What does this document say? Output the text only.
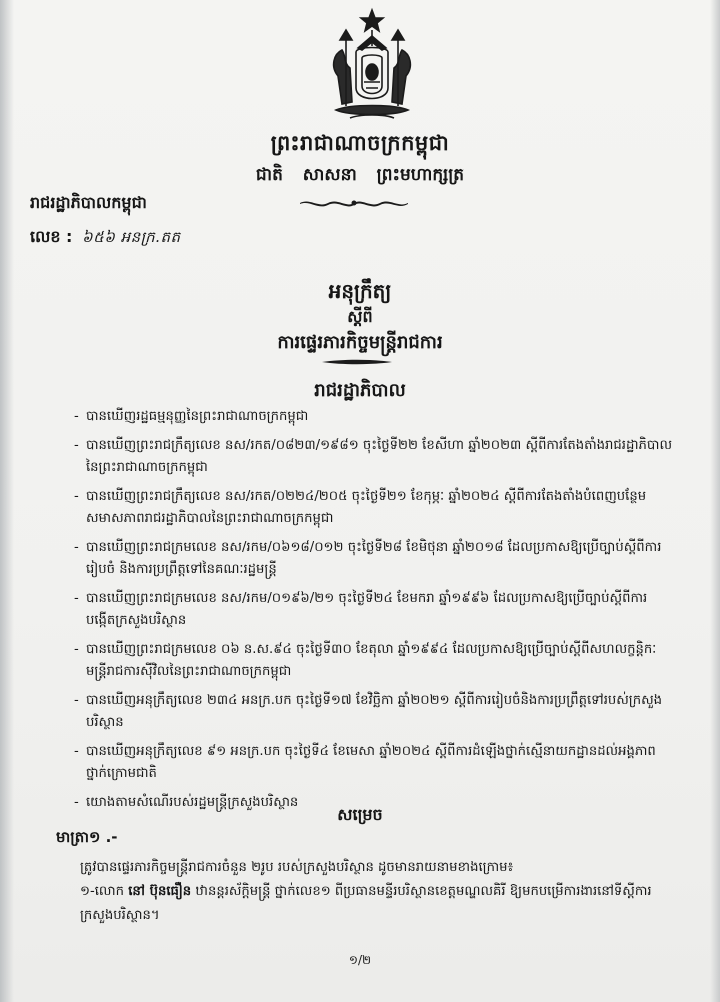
ព្រះរាជាណាចក្រកម្ពុជា
ជាតិ សាសនា ព្រះមហាក្សត្រ
រាជរដ្ឋាភិបាលកម្ពុជា
លេខ : ៦៥៦ អនក្រ.តត
អនុក្រឹត្យ
ស្តីពី
ការផ្ទេរភារកិច្ចមន្ត្រីរាជការ
រាជរដ្ឋាភិបាល
- បានឃើញរដ្ឋធម្មនុញ្ញនៃព្រះរាជាណាចក្រកម្ពុជា
- បានឃើញព្រះរាជក្រឹត្យលេខ នស/រកត/០៨២៣/១៩៨១ ចុះថ្ងៃទី២២ ខែសីហា ឆ្នាំ២០២៣ ស្តីពីការតែងតាំងរាជរដ្ឋាភិបាលនៃព្រះរាជាណាចក្រកម្ពុជា
- បានឃើញព្រះរាជក្រឹត្យលេខ នស/រកត/០២២៤/២០៥ ចុះថ្ងៃទី២១ ខែកុម្ភៈ ឆ្នាំ២០២៤ ស្តីពីការតែងតាំងបំពេញបន្ថែមសមាសភាពរាជរដ្ឋាភិបាលនៃព្រះរាជាណាចក្រកម្ពុជា
- បានឃើញព្រះរាជក្រមលេខ នស/រកម/០៦១៨/០១២ ចុះថ្ងៃទី២៨ ខែមិថុនា ឆ្នាំ២០១៨ ដែលប្រកាសឱ្យប្រើច្បាប់ស្តីពីការរៀបចំ និងការប្រព្រឹត្តទៅនៃគណៈរដ្ឋមន្ត្រី
- បានឃើញព្រះរាជក្រមលេខ នស/រកម/០១៩៦/២១ ចុះថ្ងៃទី២៤ ខែមករា ឆ្នាំ១៩៩៦ ដែលប្រកាសឱ្យប្រើច្បាប់ស្តីពីការបង្កើតក្រសួងបរិស្ថាន
- បានឃើញព្រះរាជក្រមលេខ ០៦ ន.ស.៩៤ ចុះថ្ងៃទី៣០ ខែតុលា ឆ្នាំ១៩៩៤ ដែលប្រកាសឱ្យប្រើច្បាប់ស្តីពីសហលក្ខន្តិកៈមន្ត្រីរាជការស៊ីវិលនៃព្រះរាជាណាចក្រកម្ពុជា
- បានឃើញអនុក្រឹត្យលេខ ២៣៤ អនក្រ.បក ចុះថ្ងៃទី១៧ ខែវិច្ឆិកា ឆ្នាំ២០២១ ស្តីពីការរៀបចំនិងការប្រព្រឹត្តទៅរបស់ក្រសួងបរិស្ថាន
- បានឃើញអនុក្រឹត្យលេខ ៩១ អនក្រ.បក ចុះថ្ងៃទី៤ ខែមេសា ឆ្នាំ២០២៤ ស្តីពីការដំឡើងថ្នាក់ស្មើនាយកដ្ឋានដល់អង្គភាពថ្នាក់ក្រោមជាតិ
- យោងតាមសំណើរបស់រដ្ឋមន្ត្រីក្រសួងបរិស្ថាន
សម្រេច
មាត្រា១ .-
ត្រូវបានផ្ទេរភារកិច្ចមន្ត្រីរាជការចំនួន ២រូប របស់ក្រសួងបរិស្ថាន ដូចមានរាយនាមខាងក្រោម៖
១-លោក នៅ ប៊ុនធឿន ឋានន្តរស័ក្តិមន្ត្រី ថ្នាក់លេខ១ ពីប្រធានមន្ទីរបរិស្ថានខេត្តមណ្ឌលគិរី ឱ្យមកបម្រើការងារនៅទីស្តីការក្រសួងបរិស្ថាន។
១/២
